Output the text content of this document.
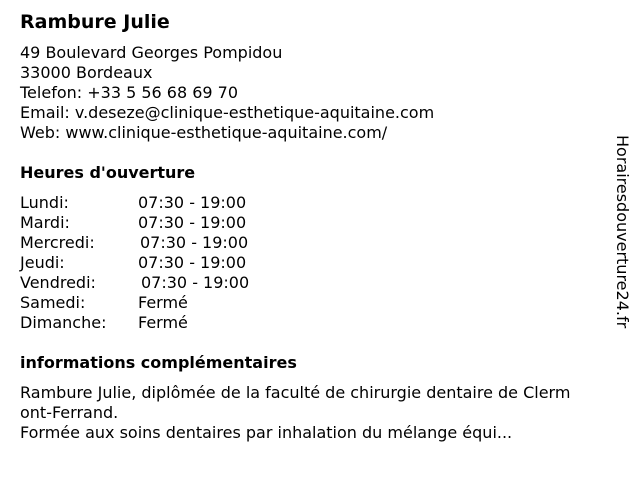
Rambure Julie
49 Boulevard Georges Pompidou
33000 Bordeaux
Telefon: +33 5 56 68 69 70
Email: v.deseze@clinique-esthetique-aquitaine.com
Web: www.clinique-esthetique-aquitaine.com/
Heures d'ouverture
Lundi:	07:30 - 19:00
Mardi:	07:30 - 19:00
Mercredi:	07:30 - 19:00
Jeudi:	07:30 - 19:00
Vendredi:	07:30 - 19:00
Samedi:	Fermé
Dimanche: Fermé
informations complémentaires
Rambure Julie, diplômée de la faculté de chirurgie dentaire de Clerm
ont-Ferrand.
Formée aux soins dentaires par inhalation du mélange équi...
Horairesdouverture24.fr
